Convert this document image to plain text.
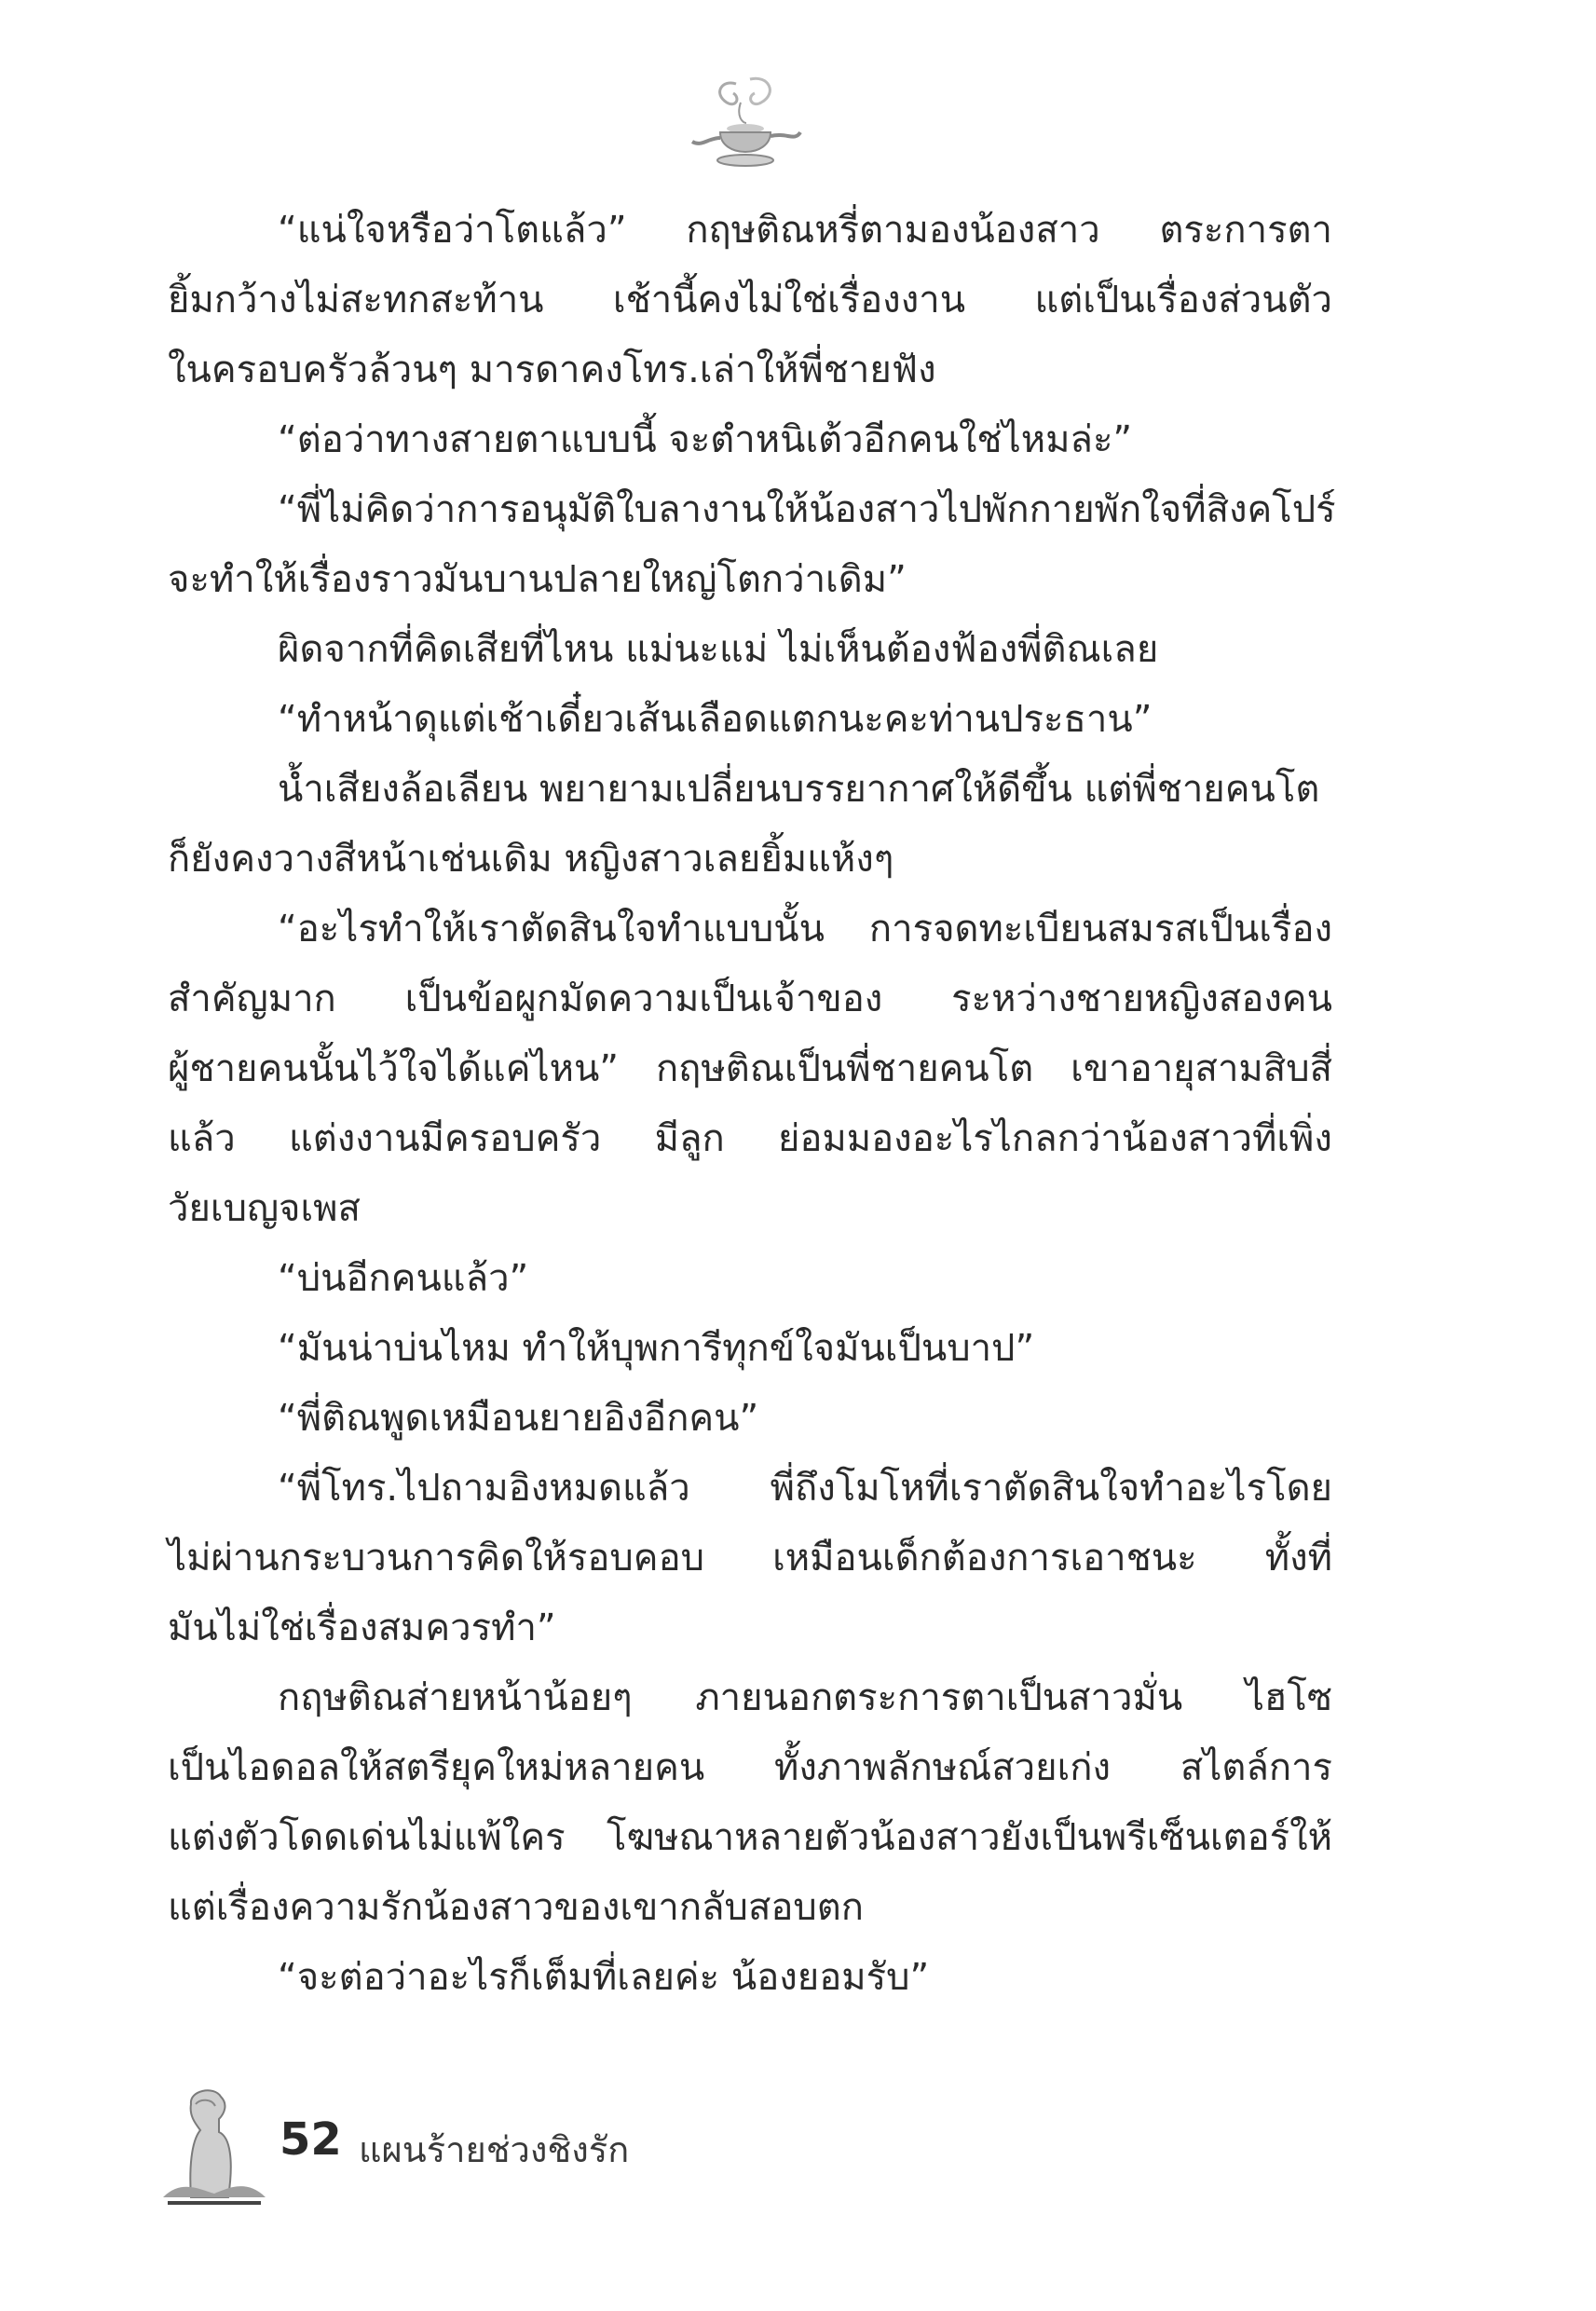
“แน่ใจหรือว่าโตแล้ว” กฤษติณหรี่ตามองน้องสาว ตระการตา
ยิ้มกว้างไม่สะทกสะท้าน เช้านี้คงไม่ใช่เรื่องงาน แต่เป็นเรื่องส่วนตัว
ในครอบครัวล้วนๆ มารดาคงโทร.เล่าให้พี่ชายฟัง
“ต่อว่าทางสายตาแบบนี้ จะตำหนิเต้วอีกคนใช่ไหมล่ะ”
“พี่ไม่คิดว่าการอนุมัติใบลางานให้น้องสาวไปพักกายพักใจที่สิงคโปร์
จะทำให้เรื่องราวมันบานปลายใหญ่โตกว่าเดิม”
ผิดจากที่คิดเสียที่ไหน แม่นะแม่ ไม่เห็นต้องฟ้องพี่ติณเลย
“ทำหน้าดุแต่เช้าเดี๋ยวเส้นเลือดแตกนะคะท่านประธาน”
น้ำเสียงล้อเลียน พยายามเปลี่ยนบรรยากาศให้ดีขึ้น แต่พี่ชายคนโต
ก็ยังคงวางสีหน้าเช่นเดิม หญิงสาวเลยยิ้มแห้งๆ
“อะไรทำให้เราตัดสินใจทำแบบนั้น การจดทะเบียนสมรสเป็นเรื่อง
สำคัญมาก เป็นข้อผูกมัดความเป็นเจ้าของ ระหว่างชายหญิงสองคน
ผู้ชายคนนั้นไว้ใจได้แค่ไหน” กฤษติณเป็นพี่ชายคนโต เขาอายุสามสิบสี่
แล้ว แต่งงานมีครอบครัว มีลูก ย่อมมองอะไรไกลกว่าน้องสาวที่เพิ่ง
วัยเบญจเพส
“บ่นอีกคนแล้ว”
“มันน่าบ่นไหม ทำให้บุพการีทุกข์ใจมันเป็นบาป”
“พี่ติณพูดเหมือนยายอิงอีกคน”
“พี่โทร.ไปถามอิงหมดแล้ว พี่ถึงโมโหที่เราตัดสินใจทำอะไรโดย
ไม่ผ่านกระบวนการคิดให้รอบคอบ เหมือนเด็กต้องการเอาชนะ ทั้งที่
มันไม่ใช่เรื่องสมควรทำ”
กฤษติณส่ายหน้าน้อยๆ ภายนอกตระการตาเป็นสาวมั่น ไฮโซ
เป็นไอดอลให้สตรียุคใหม่หลายคน ทั้งภาพลักษณ์สวยเก่ง สไตล์การ
แต่งตัวโดดเด่นไม่แพ้ใคร โฆษณาหลายตัวน้องสาวยังเป็นพรีเซ็นเตอร์ให้
แต่เรื่องความรักน้องสาวของเขากลับสอบตก
“จะต่อว่าอะไรก็เต็มที่เลยค่ะ น้องยอมรับ”
52 แผนร้ายช่วงชิงรัก
